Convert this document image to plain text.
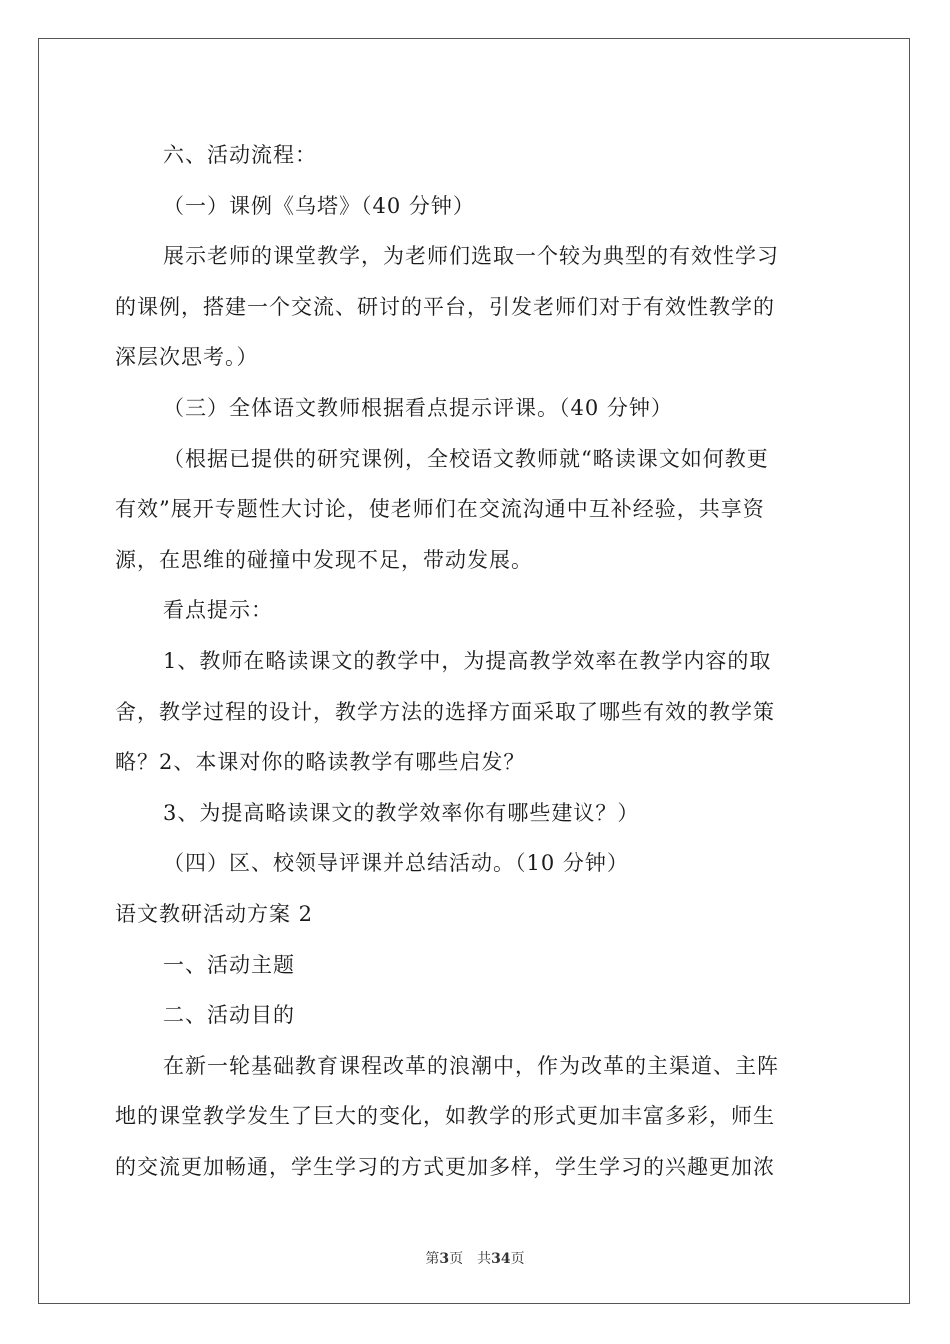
六、活动流程：
（一）课例《乌塔》（40 分钟）
展示老师的课堂教学，为老师们选取一个较为典型的有效性学习
的课例，搭建一个交流、研讨的平台，引发老师们对于有效性教学的
深层次思考。）
（三）全体语文教师根据看点提示评课。（40 分钟）
（根据已提供的研究课例，全校语文教师就“略读课文如何教更
有效”展开专题性大讨论，使老师们在交流沟通中互补经验，共享资
源，在思维的碰撞中发现不足，带动发展。
看点提示：
1、教师在略读课文的教学中，为提高教学效率在教学内容的取
舍，教学过程的设计，教学方法的选择方面采取了哪些有效的教学策
略？2、本课对你的略读教学有哪些启发？
3、为提高略读课文的教学效率你有哪些建议？）
（四）区、校领导评课并总结活动。（10 分钟）
语文教研活动方案 2
一、活动主题
二、活动目的
在新一轮基础教育课程改革的浪潮中，作为改革的主渠道、主阵
地的课堂教学发生了巨大的变化，如教学的形式更加丰富多彩，师生
的交流更加畅通，学生学习的方式更加多样，学生学习的兴趣更加浓
第3页　共34页
